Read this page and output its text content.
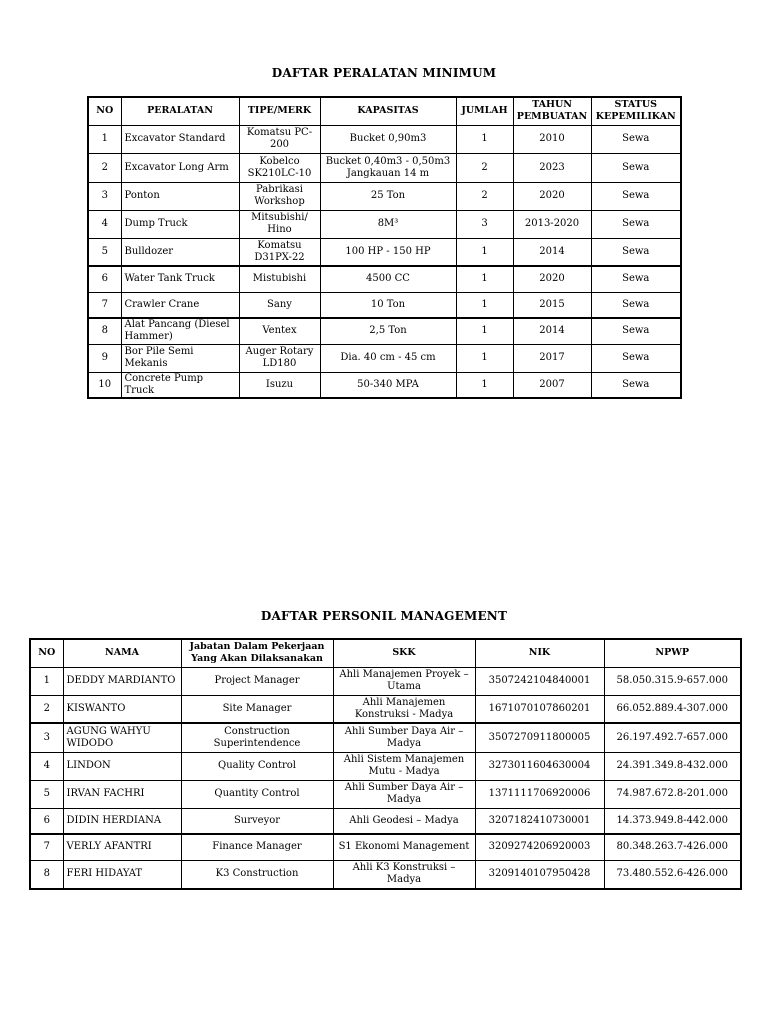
DAFTAR PERALATAN MINIMUM
NO	PERALATAN	TIPE/MERK	KAPASITAS	JUMLAH	TAHUN PEMBUATAN	STATUS KEPEMILIKAN
1	Excavator Standard	Komatsu PC-200	Bucket 0,90m3	1	2010	Sewa
2	Excavator Long Arm	Kobelco SK210LC-10	Bucket 0,40m3 - 0,50m3 Jangkauan 14 m	2	2023	Sewa
3	Ponton	Pabrikasi Workshop	25 Ton	2	2020	Sewa
4	Dump Truck	Mitsubishi/ Hino	8M³	3	2013-2020	Sewa
5	Bulldozer	Komatsu D31PX-22	100 HP - 150 HP	1	2014	Sewa
6	Water Tank Truck	Mistubishi	4500 CC	1	2020	Sewa
7	Crawler Crane	Sany	10 Ton	1	2015	Sewa
8	Alat Pancang (Diesel Hammer)	Ventex	2,5 Ton	1	2014	Sewa
9	Bor Pile Semi Mekanis	Auger Rotary LD180	Dia. 40 cm - 45 cm	1	2017	Sewa
10	Concrete Pump Truck	Isuzu	50-340 MPA	1	2007	Sewa
DAFTAR PERSONIL MANAGEMENT
NO	NAMA	Jabatan Dalam Pekerjaan Yang Akan Dilaksanakan	SKK	NIK	NPWP
1	DEDDY MARDIANTO	Project Manager	Ahli Manajemen Proyek – Utama	3507242104840001	58.050.315.9-657.000
2	KISWANTO	Site Manager	Ahli Manajemen Konstruksi - Madya	1671070107860201	66.052.889.4-307.000
3	AGUNG WAHYU WIDODO	Construction Superintendence	Ahli Sumber Daya Air – Madya	3507270911800005	26.197.492.7-657.000
4	LINDON	Quality Control	Ahli Sistem Manajemen Mutu - Madya	3273011604630004	24.391.349.8-432.000
5	IRVAN FACHRI	Quantity Control	Ahli Sumber Daya Air – Madya	1371111706920006	74.987.672.8-201.000
6	DIDIN HERDIANA	Surveyor	Ahli Geodesi – Madya	3207182410730001	14.373.949.8-442.000
7	VERLY AFANTRI	Finance Manager	S1 Ekonomi Management	3209274206920003	80.348.263.7-426.000
8	FERI HIDAYAT	K3 Construction	Ahli K3 Konstruksi – Madya	3209140107950428	73.480.552.6-426.000
